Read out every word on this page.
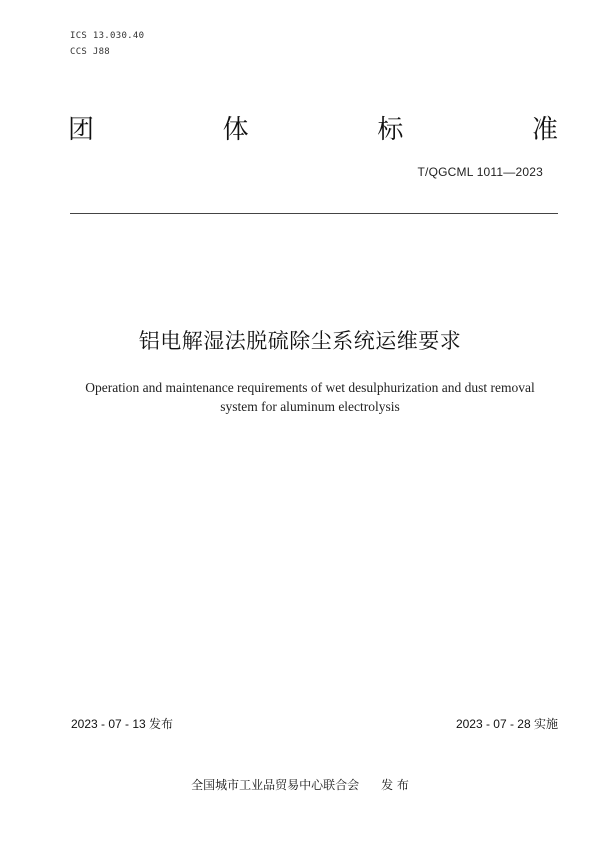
ICS 13.030.40
CCS J88
团	体	标	准
T/QGCML 1011—2023
铝电解湿法脱硫除尘系统运维要求
Operation and maintenance requirements of wet desulphurization and dust removal
system for aluminum electrolysis
2023 - 07 - 13 发布	2023 - 07 - 28 实施
全国城市工业品贸易中心联合会 发 布
